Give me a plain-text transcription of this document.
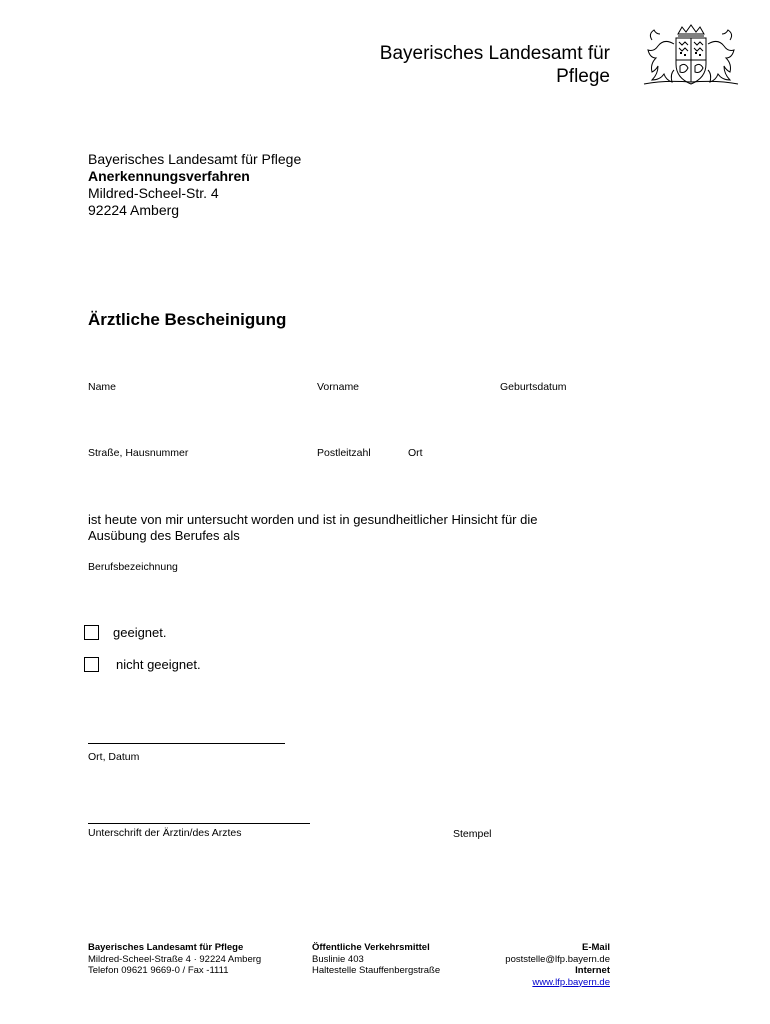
Bayerisches Landesamt für
Pflege
Bayerisches Landesamt für Pflege
Anerkennungsverfahren
Mildred-Scheel-Str. 4
92224 Amberg
Ärztliche Bescheinigung
Name	Vorname	Geburtsdatum
Straße, Hausnummer	Postleitzahl	Ort
ist heute von mir untersucht worden und ist in gesundheitlicher Hinsicht für die
Ausübung des Berufes als
Berufsbezeichnung
geeignet.
nicht geeignet.
Ort, Datum
Unterschrift der Ärztin/des Arztes	Stempel
Bayerisches Landesamt für Pflege
Mildred-Scheel-Straße 4 · 92224 Amberg
Telefon 09621 9669-0 / Fax -1111
Öffentliche Verkehrsmittel
Buslinie 403
Haltestelle Stauffenbergstraße
E-Mail
poststelle@lfp.bayern.de
Internet
www.lfp.bayern.de
